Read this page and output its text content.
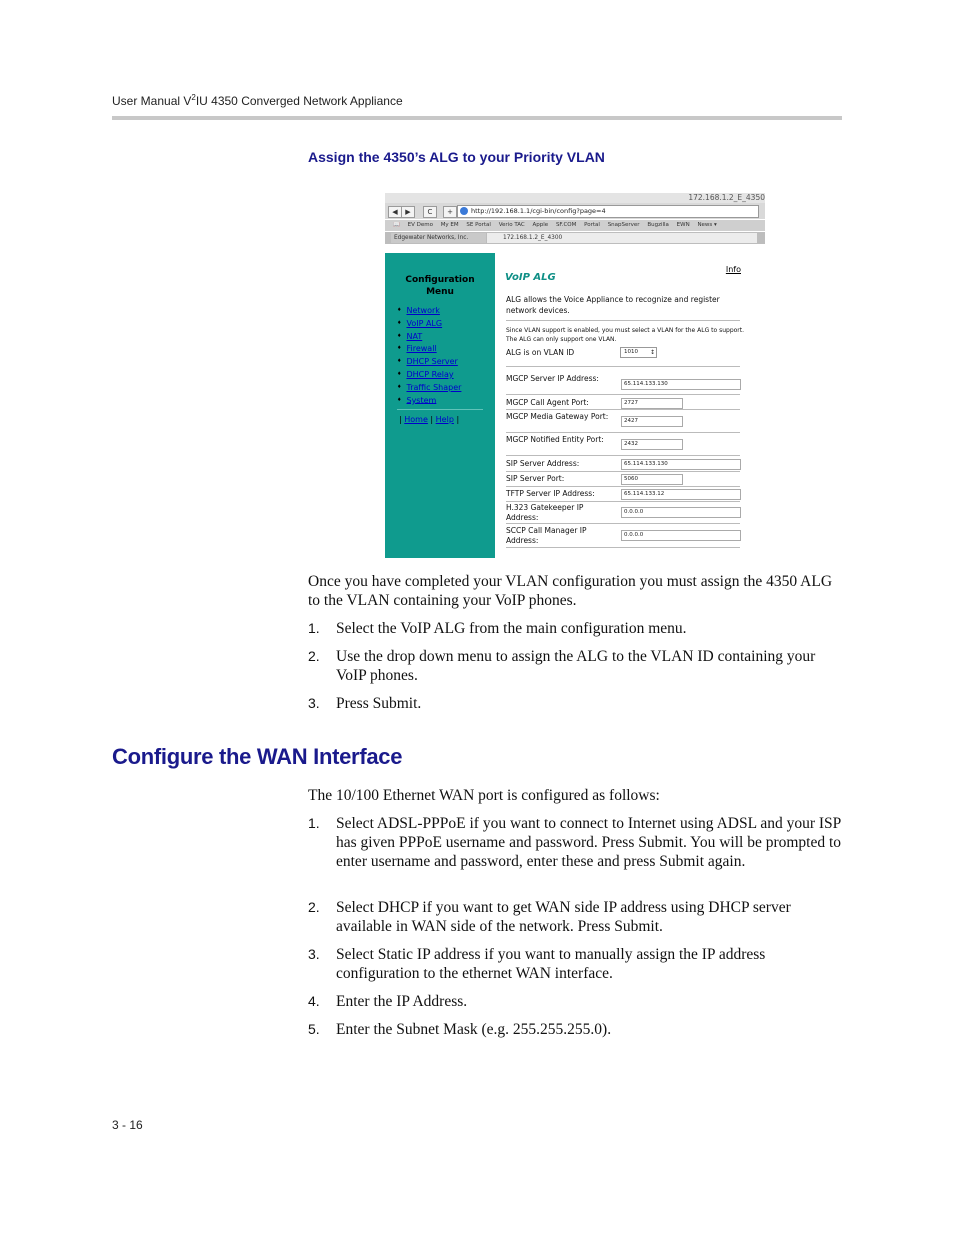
User Manual $V^2IU$ 4350 Converged Network Appliance
Assign the 4350’s ALG to your Priority VLAN
172.168.1.2_E_4350
◀	▶	C	+	http://192.168.1.1/cgi-bin/config?page=4
📖 EV Demo My EM SE Portal Verio TAC Apple SF.COM Portal SnapServer Bugzilla EWN News ▾
Edgewater Networks, Inc.	172.168.1.2_E_4300
Configuration
Menu
♦ Network
♦ VoIP ALG
♦ NAT
♦ Firewall
♦ DHCP Server
♦ DHCP Relay
♦ Traffic Shaper
♦ System
| Home | Help |
VoIP ALG
Info
ALG allows the Voice Appliance to recognize and register network devices.
Since VLAN support is enabled, you must select a VLAN for the ALG to support. The ALG can only support one VLAN.
ALG is on VLAN ID	1010 ↕
MGCP Server IP Address:
65.114.133.130
MGCP Call Agent Port:	2727
MGCP Media Gateway Port:	2427
MGCP Notified Entity Port:	2432
SIP Server Address:	65.114.133.130
SIP Server Port:	5060
TFTP Server IP Address:	65.114.133.12
H.323 Gatekeeper IP Address:
0.0.0.0
SCCP Call Manager IP Address:
0.0.0.0
Once you have completed your VLAN configuration you must assign the 4350 ALG to the VLAN containing your VoIP phones.
1.	Select the VoIP ALG from the main configuration menu.
2.	Use the drop down menu to assign the ALG to the VLAN ID containing your VoIP phones.
3.	Press Submit.
Configure the WAN Interface
The 10/100 Ethernet WAN port is configured as follows:
1.	Select ADSL-PPPoE if you want to connect to Internet using ADSL and your ISP has given PPPoE username and password. Press Submit. You will be prompted to enter username and password, enter these and press Submit again.
2.	Select DHCP if you want to get WAN side IP address using DHCP server available in WAN side of the network. Press Submit.
3.	Select Static IP address if you want to manually assign the IP address configuration to the ethernet WAN interface.
4.	Enter the IP Address.
5.	Enter the Subnet Mask (e.g. 255.255.255.0).
3 - 16
